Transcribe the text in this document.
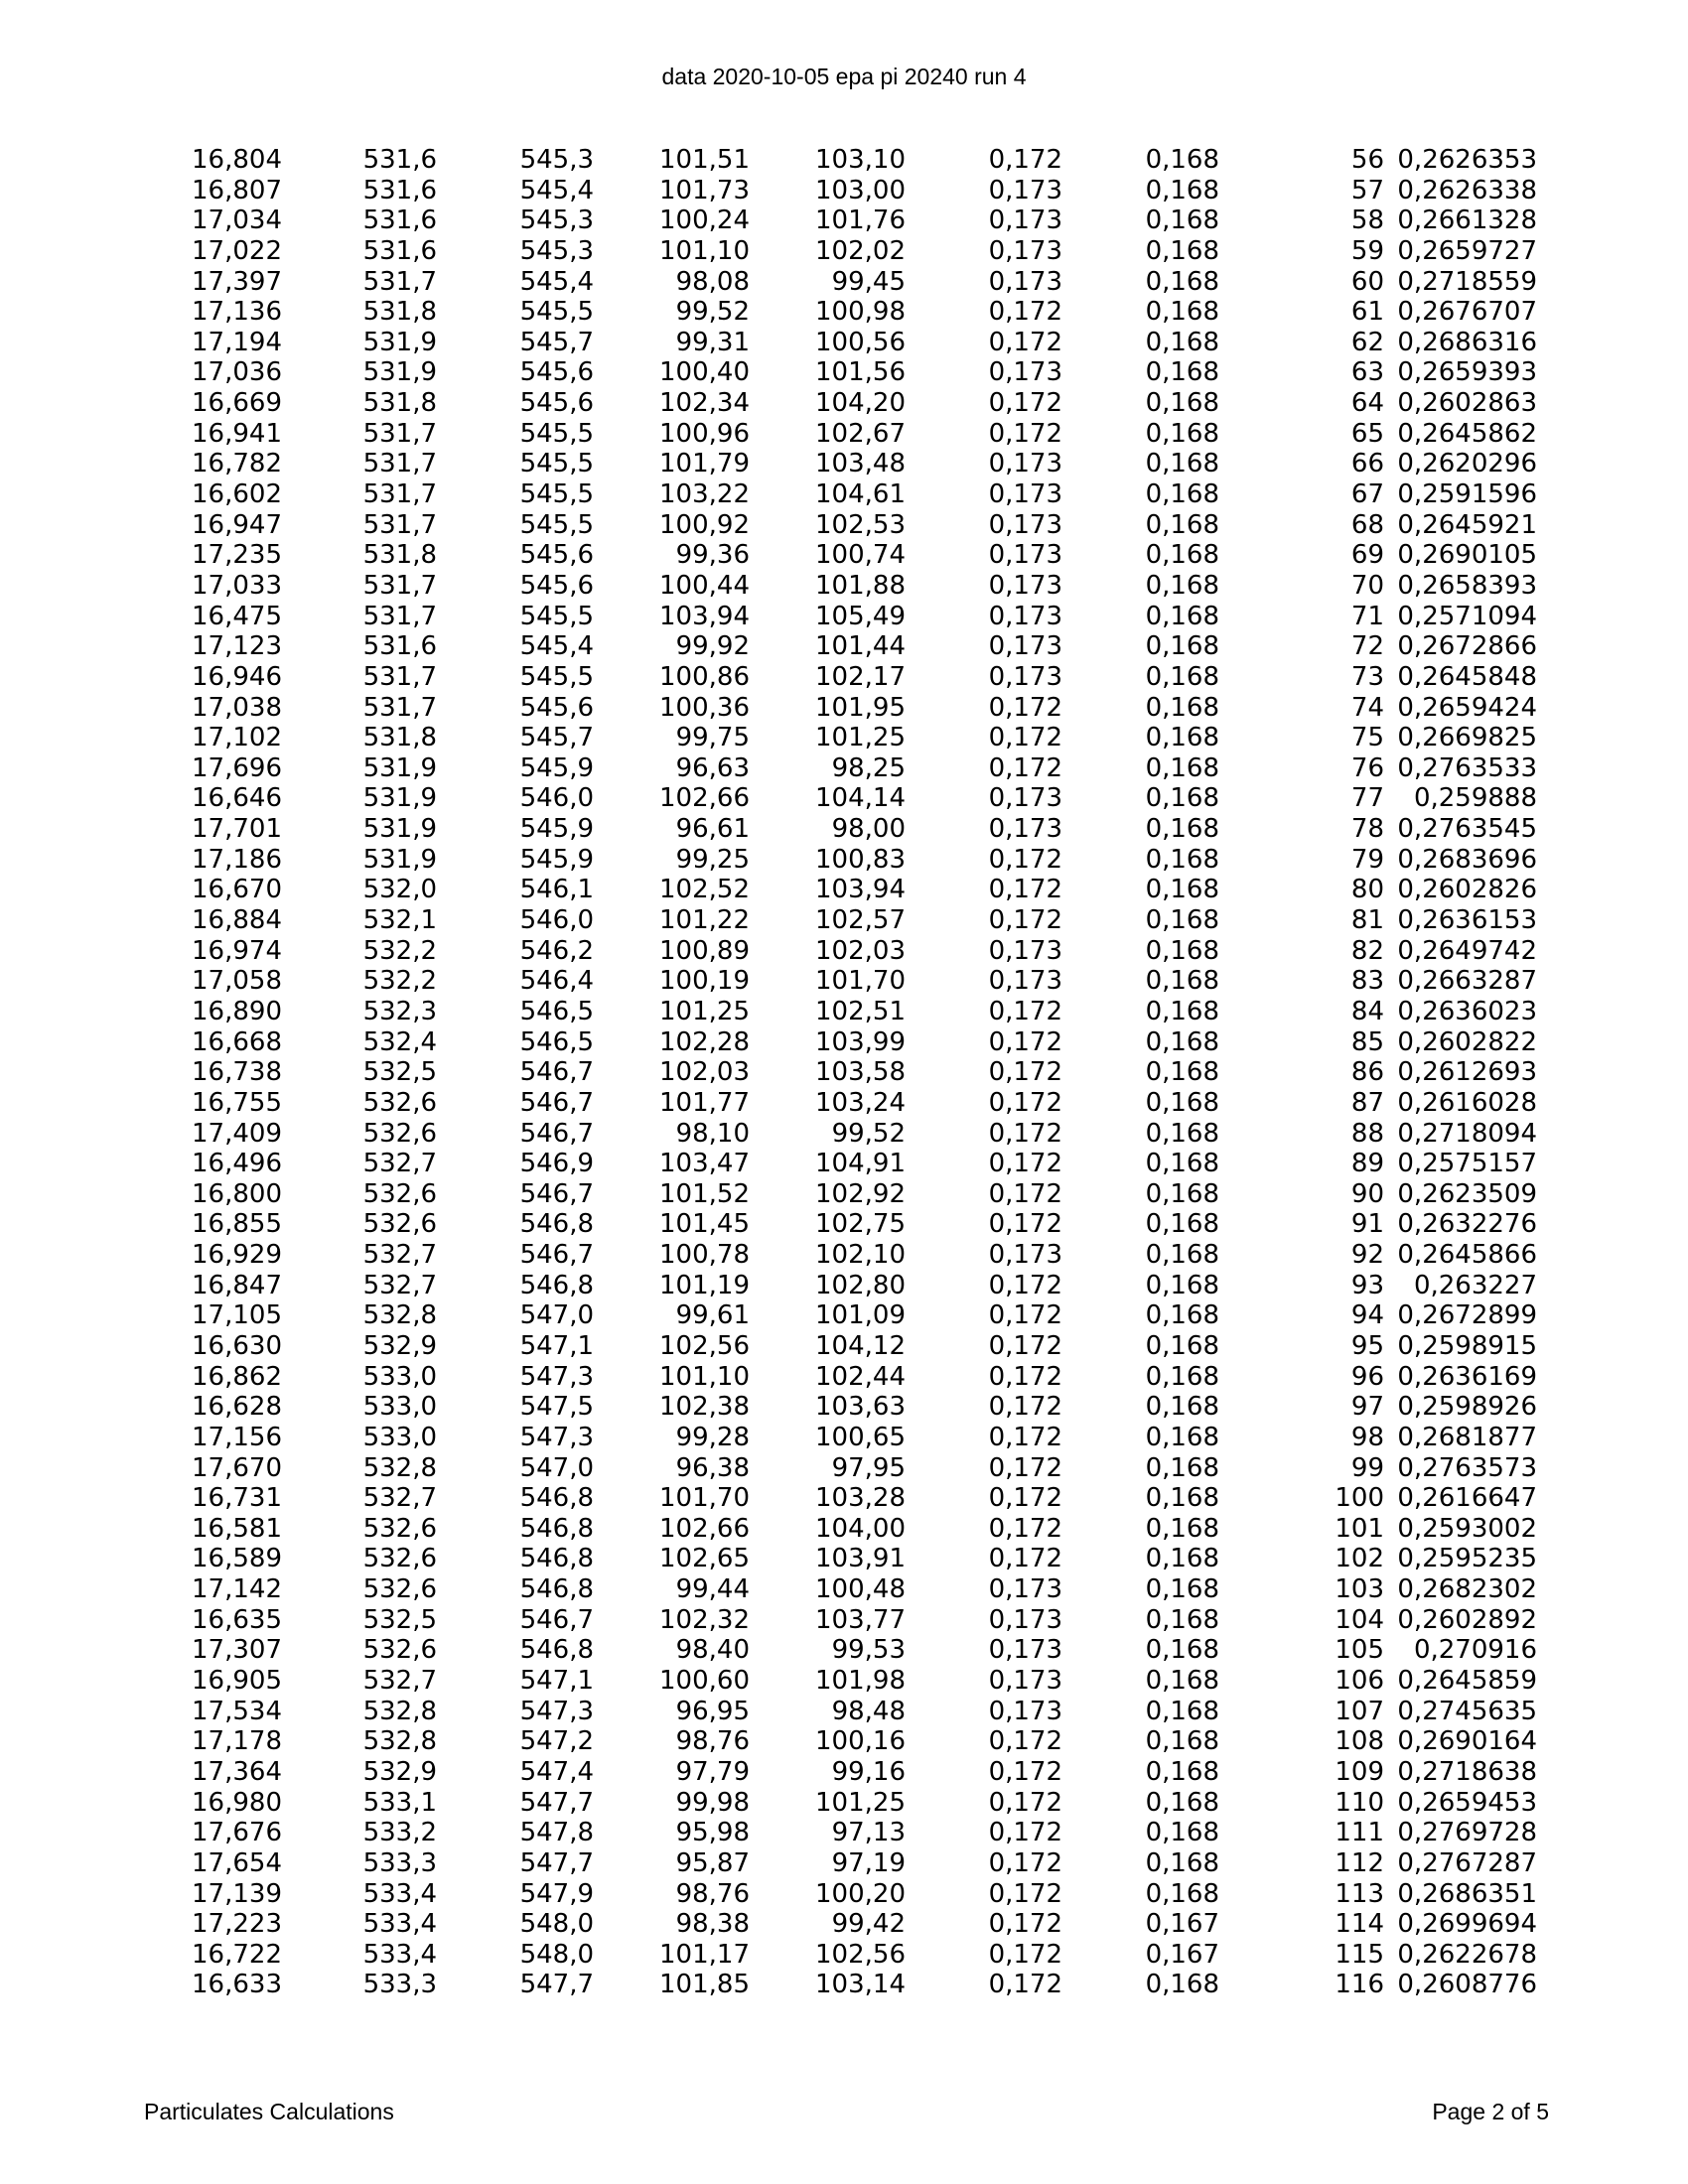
data 2020-10-05 epa pi 20240 run 4
16,804	531,6	545,3	101,51	103,10	0,172	0,168	56 0,2626353
16,807	531,6	545,4	101,73	103,00	0,173	0,168	57 0,2626338
17,034	531,6	545,3	100,24	101,76	0,173	0,168	58 0,2661328
17,022	531,6	545,3	101,10	102,02	0,173	0,168	59 0,2659727
17,397	531,7	545,4	98,08	99,45	0,173	0,168	60 0,2718559
17,136	531,8	545,5	99,52	100,98	0,172	0,168	61 0,2676707
17,194	531,9	545,7	99,31	100,56	0,172	0,168	62 0,2686316
17,036	531,9	545,6	100,40	101,56	0,173	0,168	63 0,2659393
16,669	531,8	545,6	102,34	104,20	0,172	0,168	64 0,2602863
16,941	531,7	545,5	100,96	102,67	0,172	0,168	65 0,2645862
16,782	531,7	545,5	101,79	103,48	0,173	0,168	66 0,2620296
16,602	531,7	545,5	103,22	104,61	0,173	0,168	67 0,2591596
16,947	531,7	545,5	100,92	102,53	0,173	0,168	68 0,2645921
17,235	531,8	545,6	99,36	100,74	0,173	0,168	69 0,2690105
17,033	531,7	545,6	100,44	101,88	0,173	0,168	70 0,2658393
16,475	531,7	545,5	103,94	105,49	0,173	0,168	71 0,2571094
17,123	531,6	545,4	99,92	101,44	0,173	0,168	72 0,2672866
16,946	531,7	545,5	100,86	102,17	0,173	0,168	73 0,2645848
17,038	531,7	545,6	100,36	101,95	0,172	0,168	74 0,2659424
17,102	531,8	545,7	99,75	101,25	0,172	0,168	75 0,2669825
17,696	531,9	545,9	96,63	98,25	0,172	0,168	76 0,2763533
16,646	531,9	546,0	102,66	104,14	0,173	0,168	77	0,259888
17,701	531,9	545,9	96,61	98,00	0,173	0,168	78 0,2763545
17,186	531,9	545,9	99,25	100,83	0,172	0,168	79 0,2683696
16,670	532,0	546,1	102,52	103,94	0,172	0,168	80 0,2602826
16,884	532,1	546,0	101,22	102,57	0,172	0,168	81 0,2636153
16,974	532,2	546,2	100,89	102,03	0,173	0,168	82 0,2649742
17,058	532,2	546,4	100,19	101,70	0,173	0,168	83 0,2663287
16,890	532,3	546,5	101,25	102,51	0,172	0,168	84 0,2636023
16,668	532,4	546,5	102,28	103,99	0,172	0,168	85 0,2602822
16,738	532,5	546,7	102,03	103,58	0,172	0,168	86 0,2612693
16,755	532,6	546,7	101,77	103,24	0,172	0,168	87 0,2616028
17,409	532,6	546,7	98,10	99,52	0,172	0,168	88 0,2718094
16,496	532,7	546,9	103,47	104,91	0,172	0,168	89 0,2575157
16,800	532,6	546,7	101,52	102,92	0,172	0,168	90 0,2623509
16,855	532,6	546,8	101,45	102,75	0,172	0,168	91 0,2632276
16,929	532,7	546,7	100,78	102,10	0,173	0,168	92 0,2645866
16,847	532,7	546,8	101,19	102,80	0,172	0,168	93	0,263227
17,105	532,8	547,0	99,61	101,09	0,172	0,168	94 0,2672899
16,630	532,9	547,1	102,56	104,12	0,172	0,168	95 0,2598915
16,862	533,0	547,3	101,10	102,44	0,172	0,168	96 0,2636169
16,628	533,0	547,5	102,38	103,63	0,172	0,168	97 0,2598926
17,156	533,0	547,3	99,28	100,65	0,172	0,168	98 0,2681877
17,670	532,8	547,0	96,38	97,95	0,172	0,168	99 0,2763573
16,731	532,7	546,8	101,70	103,28	0,172	0,168	100 0,2616647
16,581	532,6	546,8	102,66	104,00	0,172	0,168	101 0,2593002
16,589	532,6	546,8	102,65	103,91	0,172	0,168	102 0,2595235
17,142	532,6	546,8	99,44	100,48	0,173	0,168	103 0,2682302
16,635	532,5	546,7	102,32	103,77	0,173	0,168	104 0,2602892
17,307	532,6	546,8	98,40	99,53	0,173	0,168	105	0,270916
16,905	532,7	547,1	100,60	101,98	0,173	0,168	106 0,2645859
17,534	532,8	547,3	96,95	98,48	0,173	0,168	107 0,2745635
17,178	532,8	547,2	98,76	100,16	0,172	0,168	108 0,2690164
17,364	532,9	547,4	97,79	99,16	0,172	0,168	109 0,2718638
16,980	533,1	547,7	99,98	101,25	0,172	0,168	110 0,2659453
17,676	533,2	547,8	95,98	97,13	0,172	0,168	111 0,2769728
17,654	533,3	547,7	95,87	97,19	0,172	0,168	112 0,2767287
17,139	533,4	547,9	98,76	100,20	0,172	0,168	113 0,2686351
17,223	533,4	548,0	98,38	99,42	0,172	0,167	114 0,2699694
16,722	533,4	548,0	101,17	102,56	0,172	0,167	115 0,2622678
16,633	533,3	547,7	101,85	103,14	0,172	0,168	116 0,2608776
Particulates Calculations	Page 2 of 5
